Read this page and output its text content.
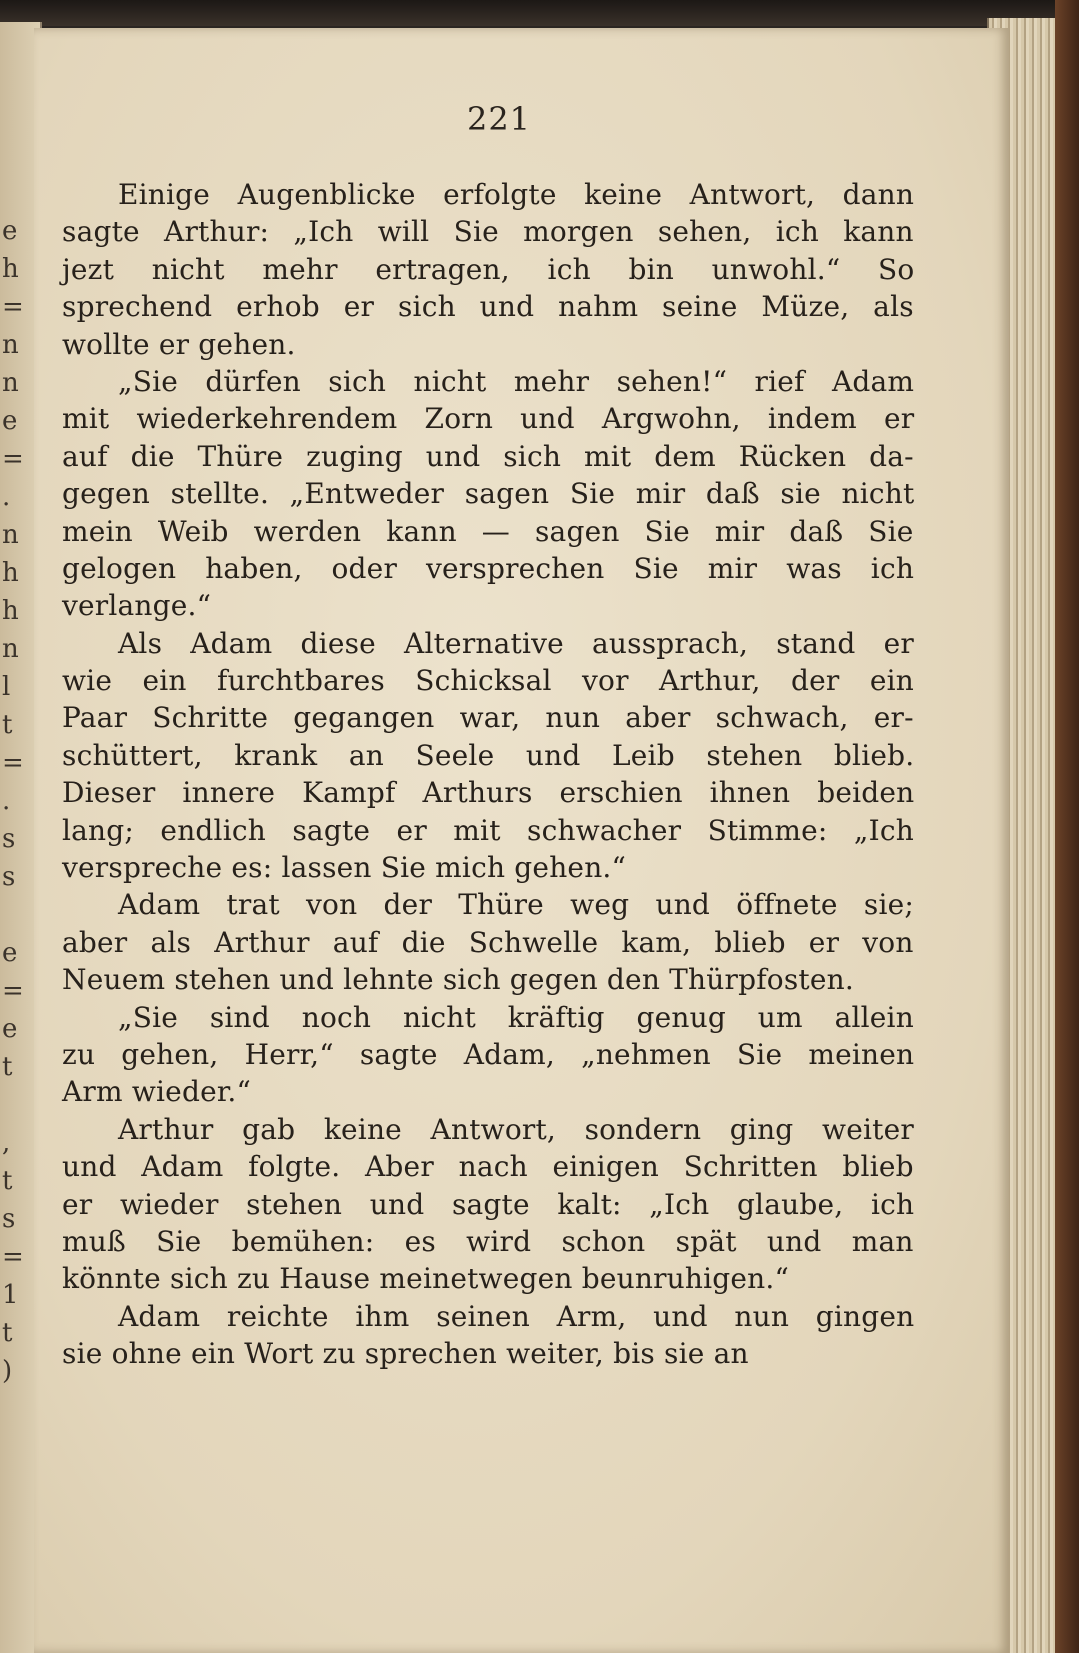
e
h
=
n
n
e
=
.
n
h
h
n
l
t
=
.
s
s

e
=
e
t

,
t
s
=
1
t
)
221
Einige Augenblicke erfolgte keine Antwort, dann
sagte Arthur: „Ich will Sie morgen sehen, ich kann
jezt nicht mehr ertragen, ich bin unwohl.“ So
sprechend erhob er sich und nahm seine Müze, als
wollte er gehen.
„Sie dürfen sich nicht mehr sehen!“ rief Adam
mit wiederkehrendem Zorn und Argwohn, indem er
auf die Thüre zuging und sich mit dem Rücken da-
gegen stellte. „Entweder sagen Sie mir daß sie nicht
mein Weib werden kann — sagen Sie mir daß Sie
gelogen haben, oder versprechen Sie mir was ich
verlange.“
Als Adam diese Alternative aussprach, stand er
wie ein furchtbares Schicksal vor Arthur, der ein
Paar Schritte gegangen war, nun aber schwach, er-
schüttert, krank an Seele und Leib stehen blieb.
Dieser innere Kampf Arthurs erschien ihnen beiden
lang; endlich sagte er mit schwacher Stimme: „Ich
verspreche es: lassen Sie mich gehen.“
Adam trat von der Thüre weg und öffnete sie;
aber als Arthur auf die Schwelle kam, blieb er von
Neuem stehen und lehnte sich gegen den Thürpfosten.
„Sie sind noch nicht kräftig genug um allein
zu gehen, Herr,“ sagte Adam, „nehmen Sie meinen
Arm wieder.“
Arthur gab keine Antwort, sondern ging weiter
und Adam folgte. Aber nach einigen Schritten blieb
er wieder stehen und sagte kalt: „Ich glaube, ich
muß Sie bemühen: es wird schon spät und man
könnte sich zu Hause meinetwegen beunruhigen.“
Adam reichte ihm seinen Arm, und nun gingen
sie ohne ein Wort zu sprechen weiter, bis sie an
